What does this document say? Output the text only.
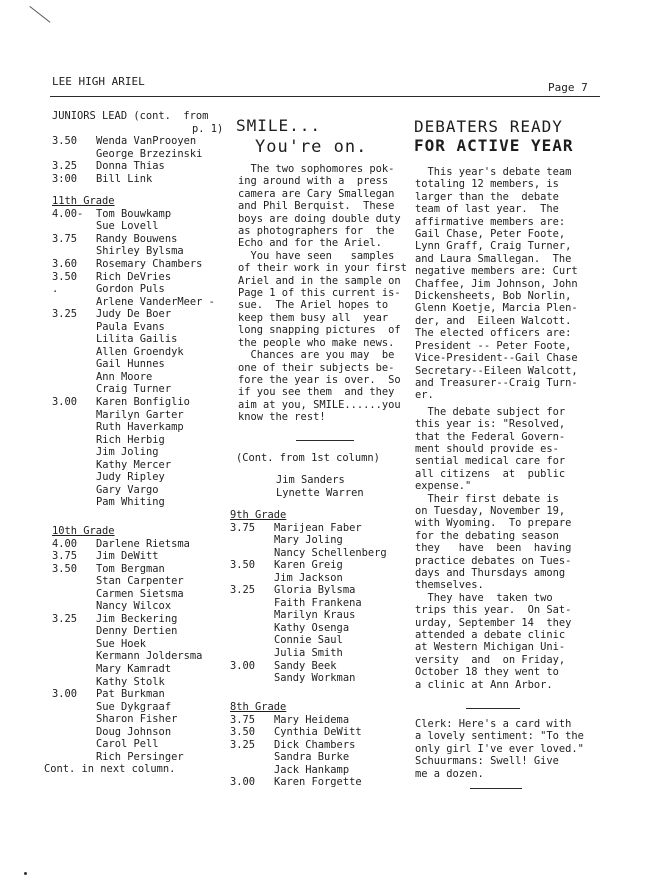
LEE HIGH ARIEL	Page 7
JUNIORS LEAD (cont.  from
p. 1)
3.50 Wenda VanProoyen
George Brzezinski
3.25 Donna Thias
3:00 Bill Link
11th Grade
4.00- Tom Bouwkamp
Sue Lovell
3.75 Randy Bouwens
Shirley Bylsma
3.60 Rosemary Chambers
3.50 Rich DeVries
.	Gordon Puls
Arlene VanderMeer -
3.25 Judy De Boer
Paula Evans
Lilita Gailis
Allen Groendyk
Gail Hunnes
Ann Moore
Craig Turner
3.00 Karen Bonfiglio
Marilyn Garter
Ruth Haverkamp
Rich Herbig
Jim Joling
Kathy Mercer
Judy Ripley
Gary Vargo
Pam Whiting
10th Grade
4.00 Darlene Rietsma
3.75 Jim DeWitt
3.50 Tom Bergman
Stan Carpenter
Carmen Sietsma
Nancy Wilcox
3.25 Jim Beckering
Denny Dertien
Sue Hoek
Kermann Joldersma
Mary Kamradt
Kathy Stolk
3.00 Pat Burkman
Sue Dykgraaf
Sharon Fisher
Doug Johnson
Carol Pell
Rich Persinger
Cont. in next column.
SMILE...
You're on.
The two sophomores pok-
ing around with a  press
camera are Cary Smallegan
and Phil Berquist.  These
boys are doing double duty
as photographers for  the
Echo and for the Ariel.
You have seen   samples
of their work in your first
Ariel and in the sample on
Page 1 of this current is-
sue.  The Ariel hopes to
keep them busy all  year
long snapping pictures  of
the people who make news.
Chances are you may  be
one of their subjects be-
fore the year is over.  So
if you see them  and they
aim at you, SMILE......you
know the rest!
(Cont. from 1st column)
Jim Sanders
Lynette Warren
9th Grade
3.75 Marijean Faber
Mary Joling
Nancy Schellenberg
3.50 Karen Greig
Jim Jackson
3.25 Gloria Bylsma
Faith Frankena
Marilyn Kraus
Kathy Osenga
Connie Saul
Julia Smith
3.00 Sandy Beek
Sandy Workman
8th Grade
3.75 Mary Heidema
3.50 Cynthia DeWitt
3.25 Dick Chambers
Sandra Burke
Jack Hankamp
3.00 Karen Forgette
DEBATERS READY
FOR ACTIVE YEAR
This year's debate team
totaling 12 members, is
larger than the  debate
team of last year.  The
affirmative members are:
Gail Chase, Peter Foote,
Lynn Graff, Craig Turner,
and Laura Smallegan.  The
negative members are: Curt
Chaffee, Jim Johnson, John
Dickensheets, Bob Norlin,
Glenn Koetje, Marcia Plen-
der, and  Eileen Walcott.
The elected officers are:
President -- Peter Foote,
Vice-President--Gail Chase
Secretary--Eileen Walcott,
and Treasurer--Craig Turn-
er.
The debate subject for
this year is: "Resolved,
that the Federal Govern-
ment should provide es-
sential medical care for
all citizens  at  public
expense."
Their first debate is
on Tuesday, November 19,
with Wyoming.  To prepare
for the debating season
they   have  been  having
practice debates on Tues-
days and Thursdays among
themselves.
They have  taken two
trips this year.  On Sat-
urday, September 14  they
attended a debate clinic
at Western Michigan Uni-
versity  and  on Friday,
October 18 they went to
a clinic at Ann Arbor.
Clerk: Here's a card with
a lovely sentiment: "To the
only girl I've ever loved."
Schuurmans: Swell! Give
me a dozen.
